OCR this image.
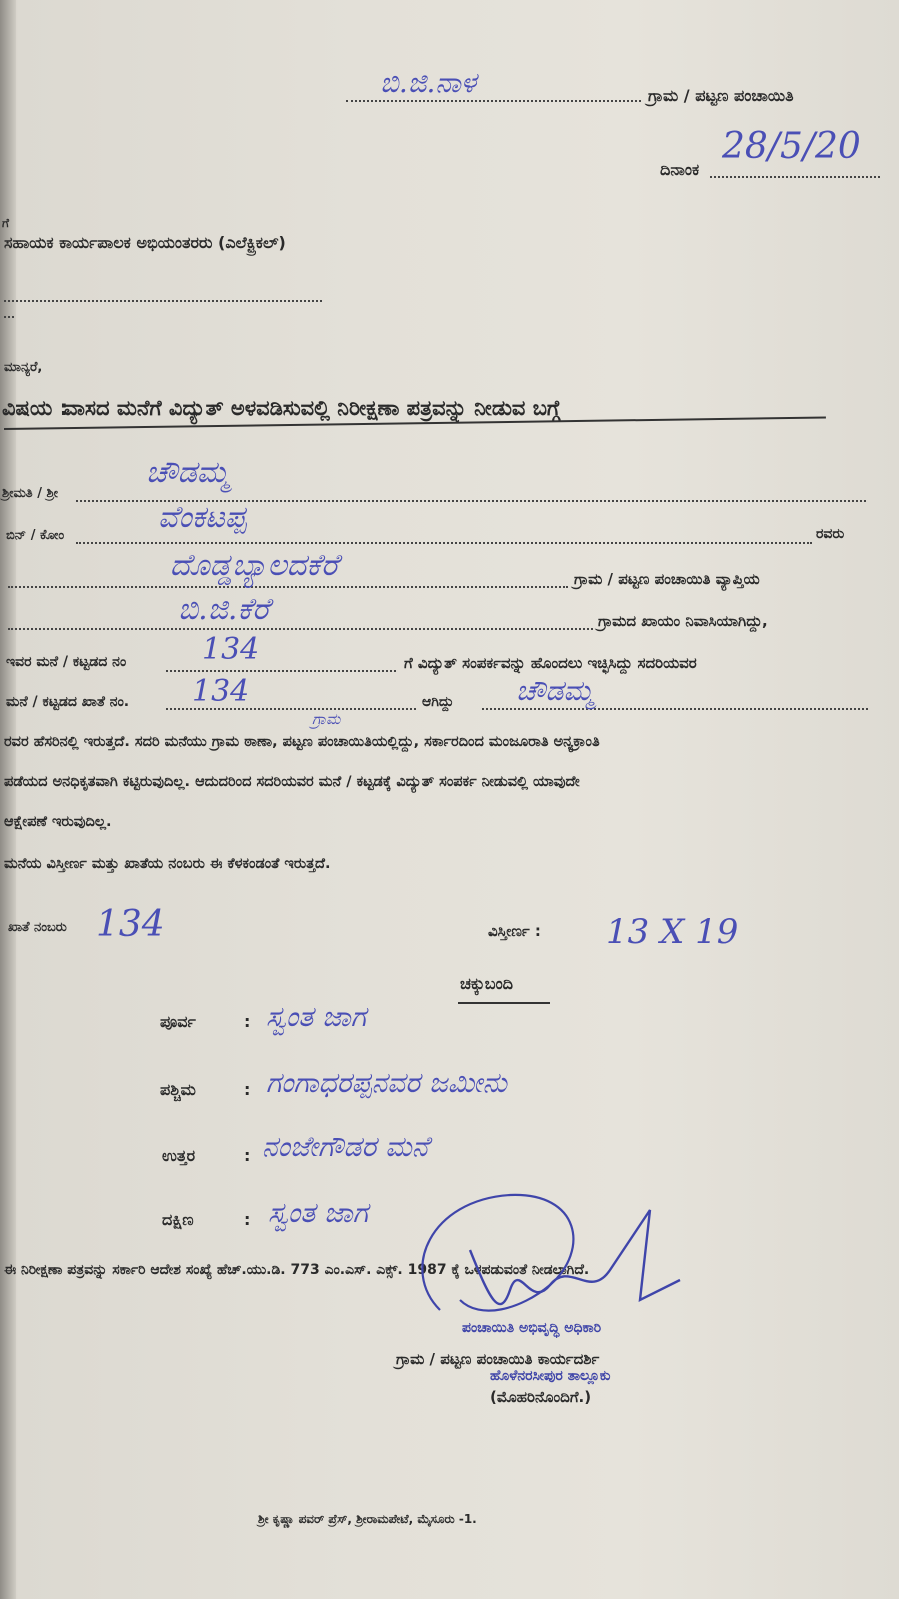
ಬಿ.ಜಿ.ನಾಳ	ಗ್ರಾಮ / ಪಟ್ಟಣ ಪಂಚಾಯಿತಿ
ದಿನಾಂಕ
28/5/20
ಗೆ
ಸಹಾಯಕ ಕಾರ್ಯಪಾಲಕ ಅಭಿಯಂತರರು (ಎಲೆಕ್ಟ್ರಿಕಲ್)
ಮಾನ್ಯರೆ,
ವಿಷಯ :
ವಾಸದ ಮನೆಗೆ ವಿದ್ಯುತ್ ಅಳವಡಿಸುವಲ್ಲಿ ನಿರೀಕ್ಷಣಾ ಪತ್ರವನ್ನು ನೀಡುವ ಬಗ್ಗೆ
ಶ್ರೀಮತಿ / ಶ್ರೀ
ಚೌಡಮ್ಮ
ಬಿನ್ / ಕೋಂ
ವೆಂಕಟಪ್ಪ	ರವರು
ದೊಡ್ಡಬ್ಯಾಲದಕೆರೆ	ಗ್ರಾಮ / ಪಟ್ಟಣ ಪಂಚಾಯಿತಿ ವ್ಯಾಪ್ತಿಯ
ಬಿ.ಜಿ.ಕೆರೆ	ಗ್ರಾಮದ ಖಾಯಂ ನಿವಾಸಿಯಾಗಿದ್ದು,
ಇವರ ಮನೆ / ಕಟ್ಟಡದ ನಂ	134	ಗೆ ವಿದ್ಯುತ್ ಸಂಪರ್ಕವನ್ನು ಹೊಂದಲು ಇಚ್ಛಿಸಿದ್ದು ಸದರಿಯವರ
ಮನೆ / ಕಟ್ಟಡದ ಖಾತೆ ನಂ. 134	ಆಗಿದ್ದು ಚೌಡಮ್ಮ
ಗ್ರಾಮ
ರವರ ಹೆಸರಿನಲ್ಲಿ ಇರುತ್ತದೆ. ಸದರಿ ಮನೆಯು ಗ್ರಾಮ ಠಾಣಾ, ಪಟ್ಟಣ ಪಂಚಾಯಿತಿಯಲ್ಲಿದ್ದು, ಸರ್ಕಾರದಿಂದ ಮಂಜೂರಾತಿ ಅನ್ಯಕ್ರಾಂತಿ
ಪಡೆಯದ ಅನಧಿಕೃತವಾಗಿ ಕಟ್ಟಿರುವುದಿಲ್ಲ. ಆದುದರಿಂದ ಸದರಿಯವರ ಮನೆ / ಕಟ್ಟಡಕ್ಕೆ ವಿದ್ಯುತ್ ಸಂಪರ್ಕ ನೀಡುವಲ್ಲಿ ಯಾವುದೇ
ಆಕ್ಷೇಪಣೆ ಇರುವುದಿಲ್ಲ.
ಮನೆಯ ವಿಸ್ತೀರ್ಣ ಮತ್ತು ಖಾತೆಯ ನಂಬರು ಈ ಕೆಳಕಂಡಂತೆ ಇರುತ್ತದೆ.
ಖಾತೆ ನಂಬರು 134	ವಿಸ್ತೀರ್ಣ : 13 X 19
ಚಕ್ಕುಬಂದಿ
ಪೂರ್ವ	: ಸ್ವಂತ ಜಾಗ
ಪಶ್ಚಿಮ	: ಗಂಗಾಧರಪ್ಪನವರ ಜಮೀನು
ಉತ್ತರ	: ನಂಜೇಗೌಡರ ಮನೆ
ದಕ್ಷಿಣ	: ಸ್ವಂತ ಜಾಗ
ಈ ನಿರೀಕ್ಷಣಾ ಪತ್ರವನ್ನು ಸರ್ಕಾರಿ ಆದೇಶ ಸಂಖ್ಯೆ ಹೆಚ್.ಯು.ಡಿ. 773 ಎಂ.ಎಸ್. ಎಕ್ಸ್. 1987 ಕ್ಕೆ ಒಳಪಡುವಂತೆ ನೀಡಲಾಗಿದೆ.
ಪಂಚಾಯಿತಿ ಅಭಿವೃದ್ಧಿ ಅಧಿಕಾರಿ
ಗ್ರಾಮ / ಪಟ್ಟಣ ಪಂಚಾಯಿತಿ ಕಾರ್ಯದರ್ಶಿ
ಹೊಳೆನರಸೀಪುರ ತಾಲ್ಲೂಕು
(ಮೊಹರಿನೊಂದಿಗೆ.)
ಶ್ರೀ ಕೃಷ್ಣಾ ಪವರ್ ಪ್ರೆಸ್, ಶ್ರೀರಾಮಪೇಟೆ, ಮೈಸೂರು -1.
